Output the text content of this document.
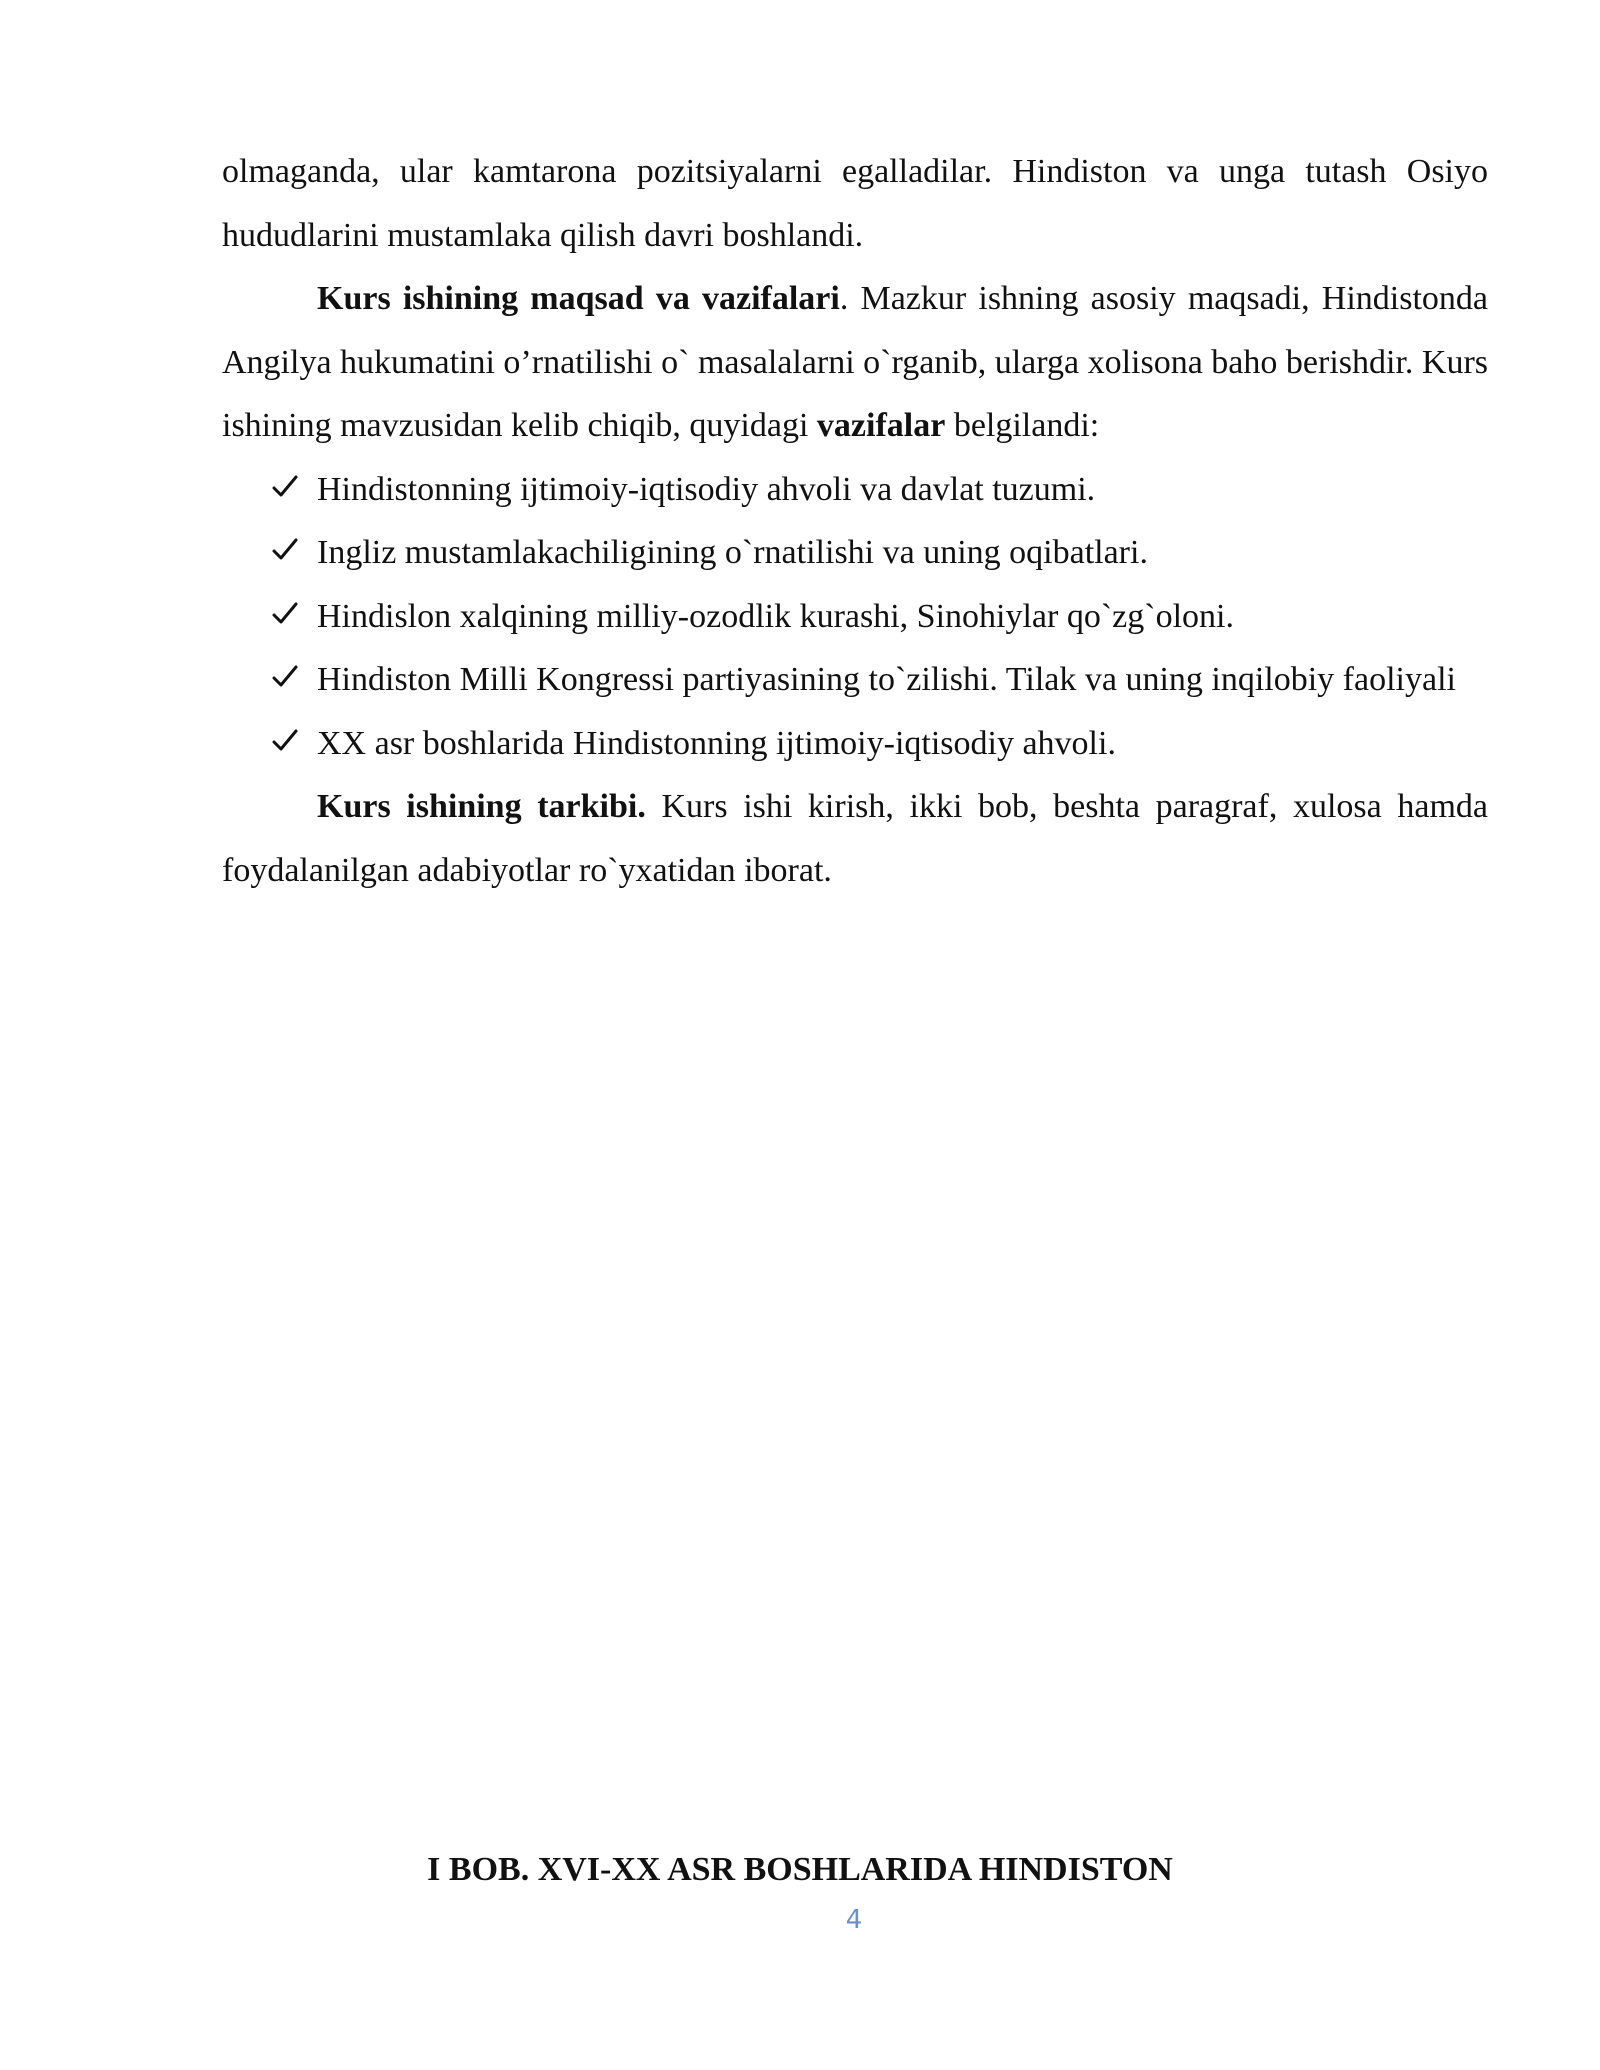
olmaganda, ular kamtarona pozitsiyalarni egalladilar. Hindiston va unga tutash Osiyo hududlarini mustamlaka qilish davri boshlandi.

Kurs ishining maqsad va vazifalari. Mazkur ishning asosiy maqsadi, Hindistonda Angilya hukumatini o’rnatilishi o` masalalarni o`rganib, ularga xolisona baho berishdir. Kurs ishining mavzusidan kelib chiqib, quyidagi vazifalar belgilandi:

Hindistonning ijtimoiy-iqtisodiy ahvoli va davlat tuzumi.
Ingliz mustamlakachiligining o`rnatilishi va uning oqibatlari.
Hindislon xalqining milliy-ozodlik kurashi, Sinohiylar qo`zg`oloni.
Hindiston Milli Kongressi partiyasining to`zilishi. Tilak va uning inqilobiy faoliyali
XX asr boshlarida Hindistonning ijtimoiy-iqtisodiy ahvoli.

Kurs ishining tarkibi. Kurs ishi kirish, ikki bob, beshta paragraf, xulosa hamda foydalanilgan adabiyotlar ro`yxatidan iborat.

I BOB. XVI-XX ASR BOSHLARIDA HINDISTON
4
